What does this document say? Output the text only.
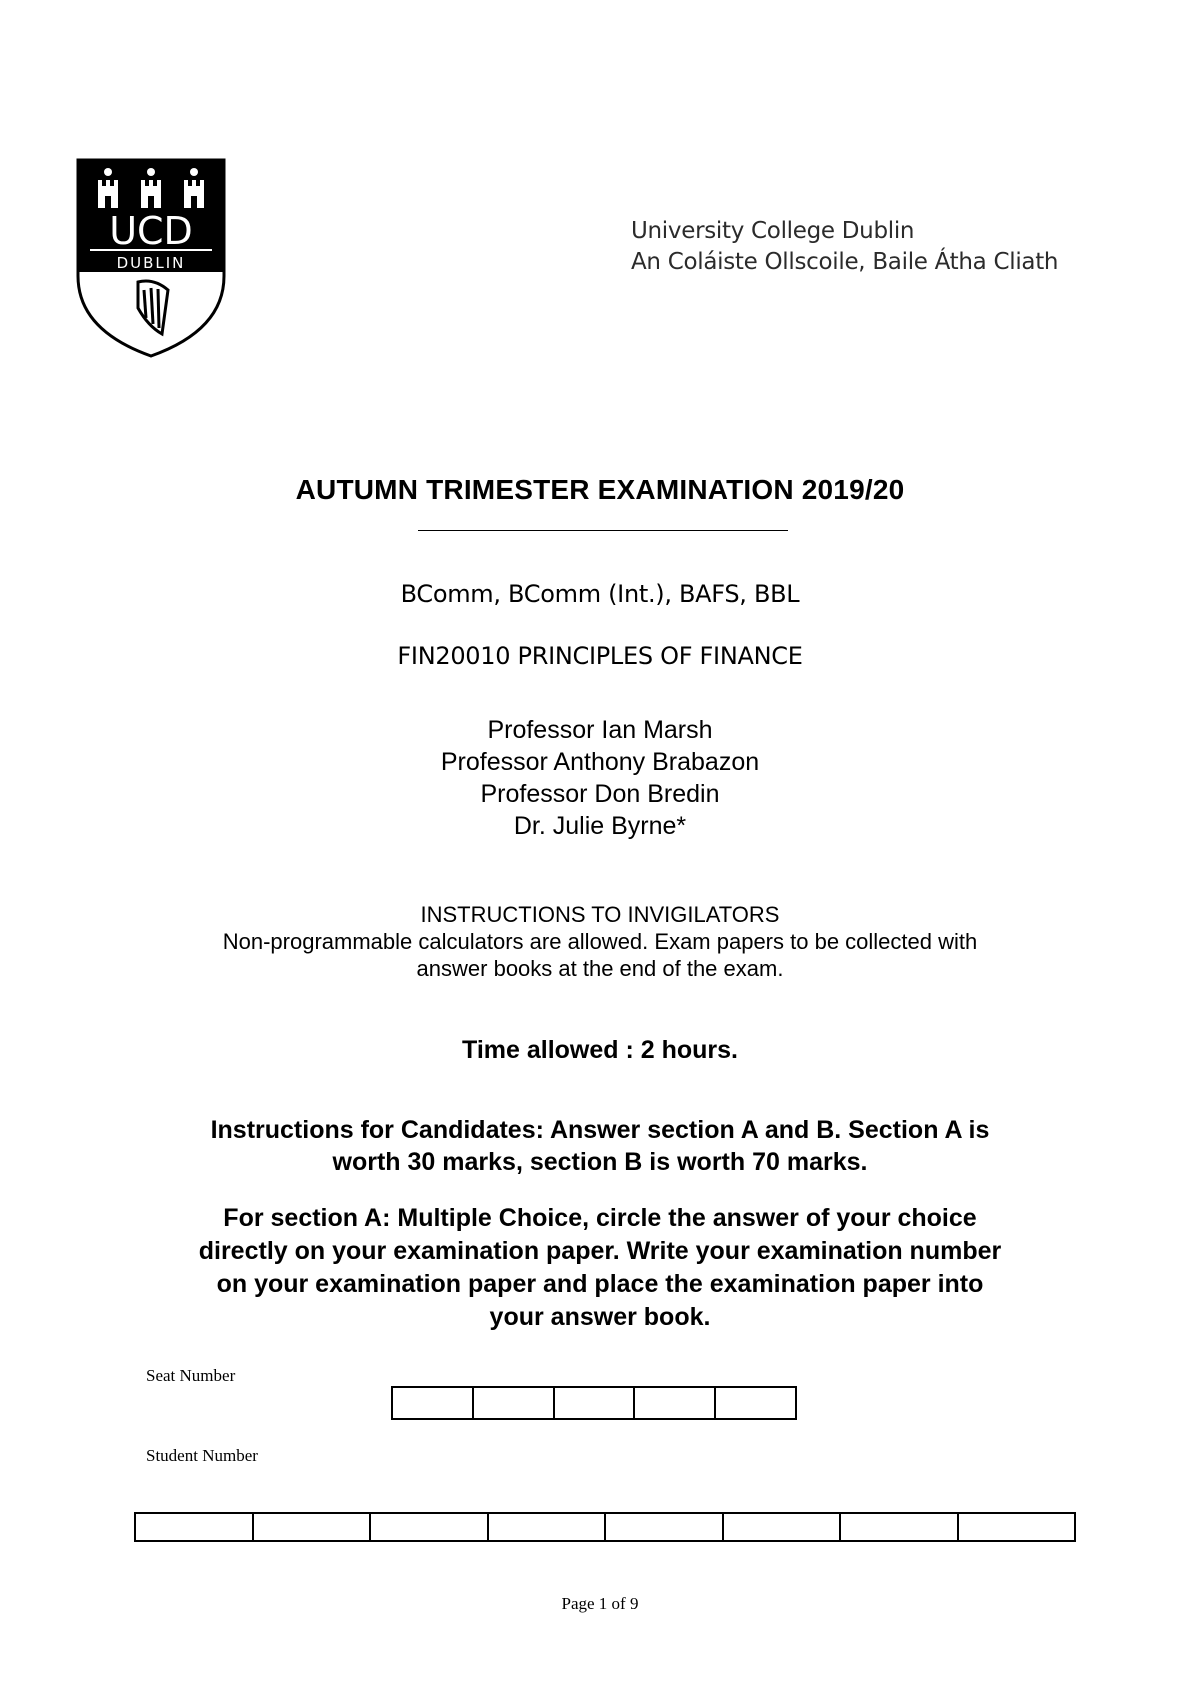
UCD
DUBLIN
University College Dublin
An Coláiste Ollscoile, Baile Átha Cliath
AUTUMN TRIMESTER EXAMINATION 2019/20
BComm, BComm (Int.), BAFS, BBL
FIN20010 PRINCIPLES OF FINANCE
Professor Ian Marsh
Professor Anthony Brabazon
Professor Don Bredin
Dr. Julie Byrne*
INSTRUCTIONS TO INVIGILATORS
Non-programmable calculators are allowed. Exam papers to be collected with
answer books at the end of the exam.
Time allowed : 2 hours.
Instructions for Candidates: Answer section A and B. Section A is
worth 30 marks, section B is worth 70 marks.
For section A: Multiple Choice, circle the answer of your choice
directly on your examination paper. Write your examination number
on your examination paper and place the examination paper into
your answer book.
Seat Number

Student Number

Page 1 of 9
